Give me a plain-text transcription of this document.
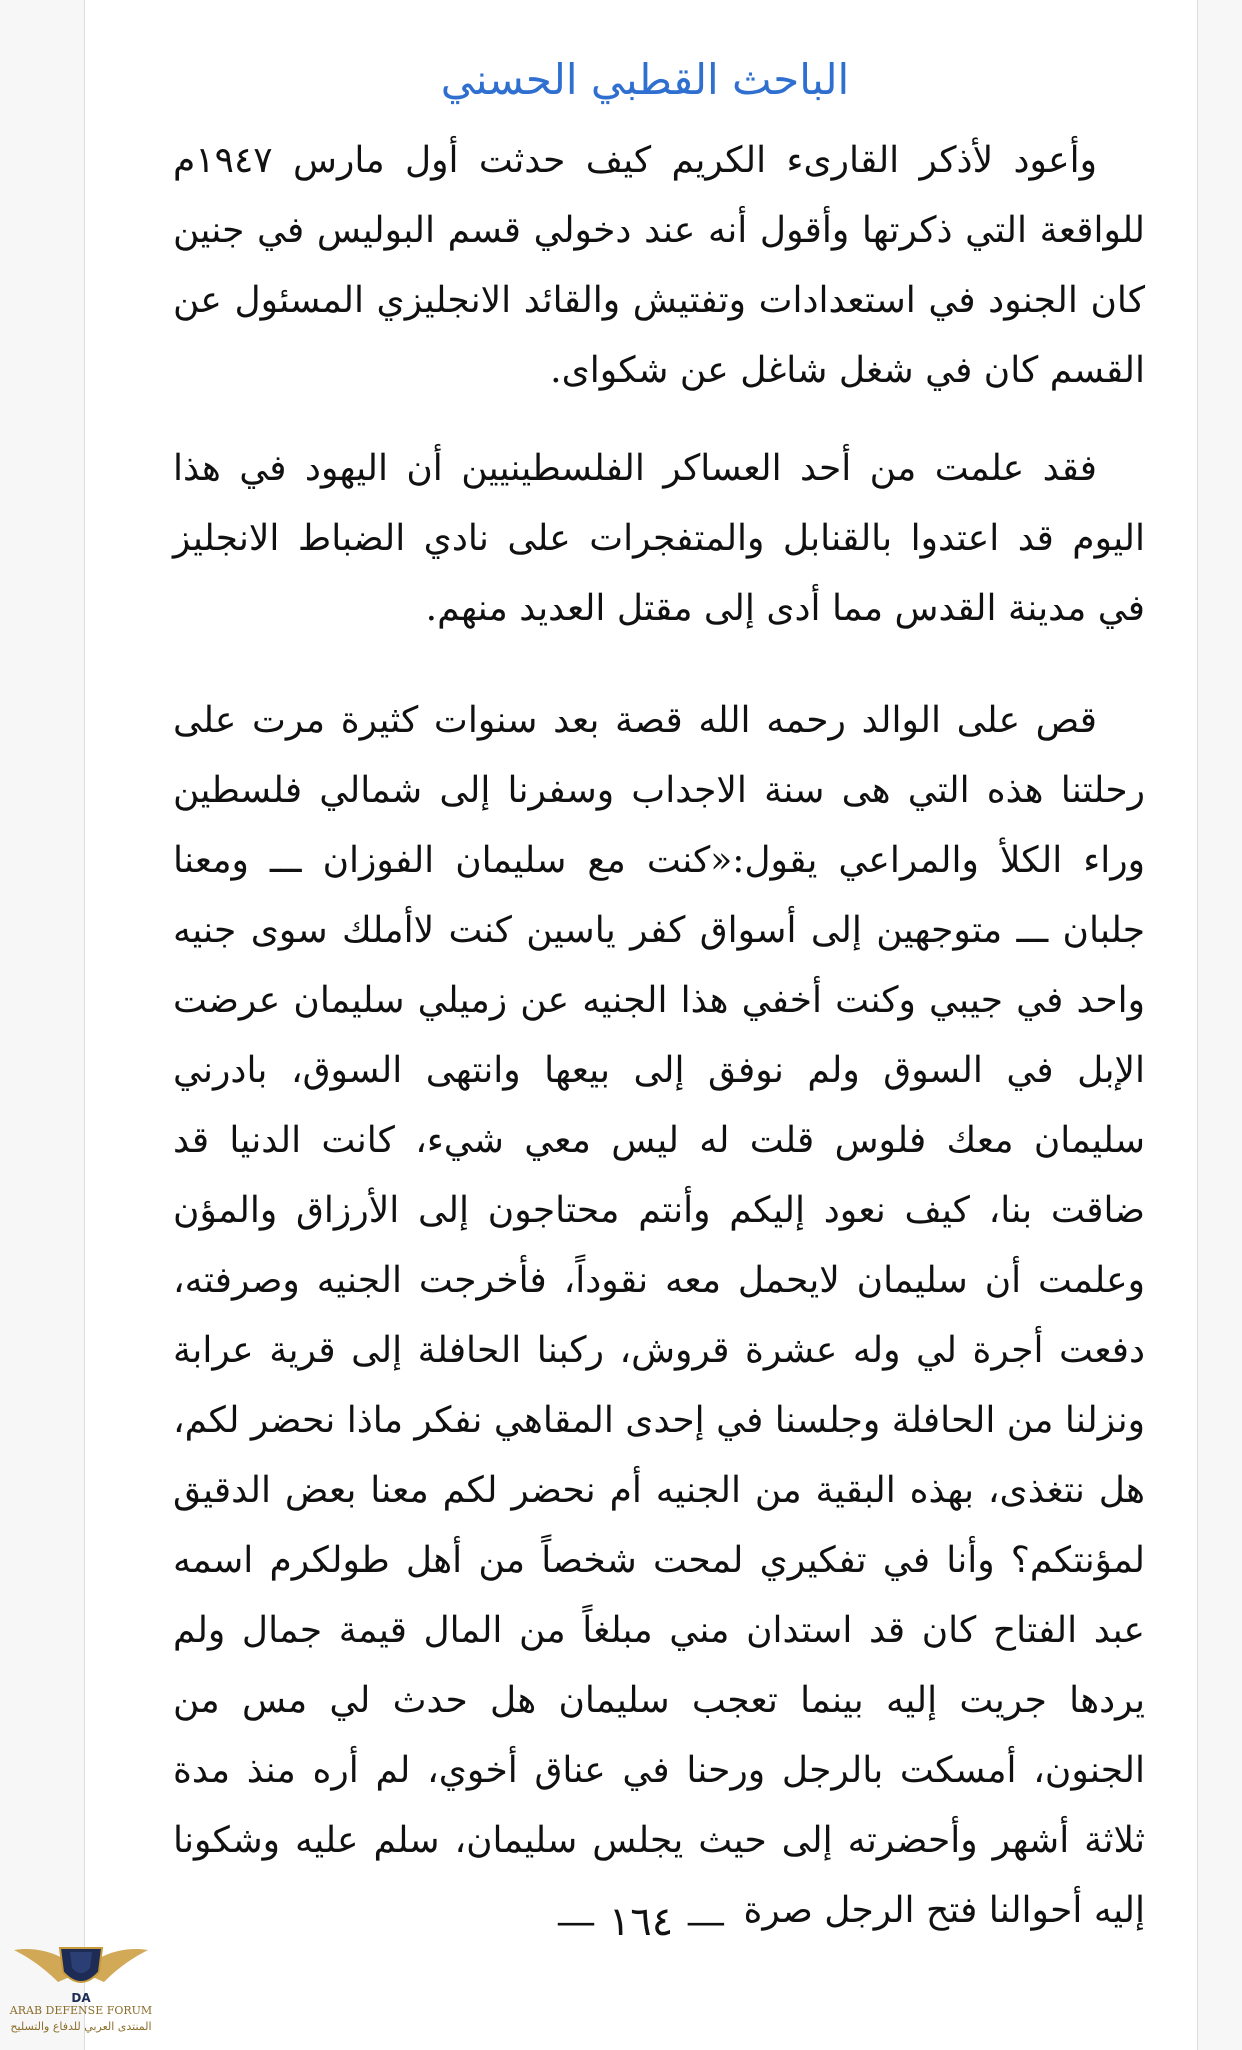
الباحث القطبي الحسني

وأعود لأذكر القارىء الكريم كيف حدثت أول مارس ١٩٤٧م للواقعة التي ذكرتها وأقول أنه عند دخولي قسم البوليس في جنين كان الجنود في استعدادات وتفتيش والقائد الانجليزي المسئول عن القسم كان في شغل شاغل عن شكواى.

فقد علمت من أحد العساكر الفلسطينيين أن اليهود في هذا اليوم قد اعتدوا بالقنابل والمتفجرات على نادي الضباط الانجليز في مدينة القدس مما أدى إلى مقتل العديد منهم.

قص على الوالد رحمه الله قصة بعد سنوات كثيرة مرت على رحلتنا هذه التي هى سنة الاجداب وسفرنا إلى شمالي فلسطين وراء الكلأ والمراعي يقول:«كنت مع سليمان الفوزان ـــ ومعنا جلبان ـــ متوجهين إلى أسواق كفر ياسين كنت لاأملك سوى جنيه واحد في جيبي وكنت أخفي هذا الجنيه عن زميلي سليمان عرضت الإبل في السوق ولم نوفق إلى بيعها وانتهى السوق، بادرني سليمان معك فلوس قلت له ليس معي شيء، كانت الدنيا قد ضاقت بنا، كيف نعود إليكم وأنتم محتاجون إلى الأرزاق والمؤن وعلمت أن سليمان لايحمل معه نقوداً، فأخرجت الجنيه وصرفته، دفعت أجرة لي وله عشرة قروش، ركبنا الحافلة إلى قرية عرابة ونزلنا من الحافلة وجلسنا في إحدى المقاهي نفكر ماذا نحضر لكم، هل نتغذى، بهذه البقية من الجنيه أم نحضر لكم معنا بعض الدقيق لمؤنتكم؟ وأنا في تفكيري لمحت شخصاً من أهل طولكرم اسمه عبد الفتاح كان قد استدان مني مبلغاً من المال قيمة جمال ولم يردها جريت إليه بينما تعجب سليمان هل حدث لي مس من الجنون، أمسكت بالرجل ورحنا في عناق أخوي، لم أره منذ مدة ثلاثة أشهر وأحضرته إلى حيث يجلس سليمان، سلم عليه وشكونا إليه أحوالنا فتح الرجل صرة

— ١٦٤ —
DA
ARAB DEFENSE FORUM
المنتدى العربي للدفاع والتسليح
